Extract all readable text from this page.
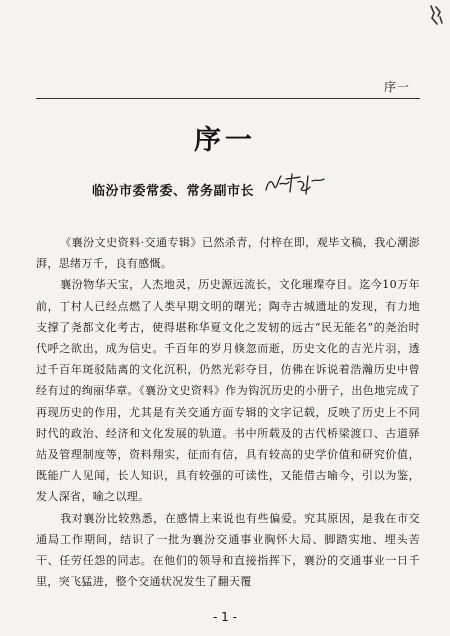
序一
序一
临汾市委常委、常务副市长

《襄汾文史资料·交通专辑》已然杀青，付梓在即，观毕文稿，我心潮澎湃，思绪万千，良有感慨。

襄汾物华天宝，人杰地灵，历史源远流长，文化璀璨夺目。迄今10万年前，丁村人已经点燃了人类早期文明的曙光；陶寺古城遗址的发现，有力地支撑了尧都文化考古，使得堪称华夏文化之发轫的远古“民无能名”的尧治时代呼之欲出，成为信史。千百年的岁月倏忽而逝，历史文化的吉光片羽，透过千百年斑驳陆离的文化沉积，仍然光彩夺目，仿佛在诉说着浩瀚历史中曾经有过的绚丽华章。《襄汾文史资料》作为钩沉历史的小册子，出色地完成了再现历史的作用，尤其是有关交通方面专辑的文字记载，反映了历史上不同时代的政治、经济和文化发展的轨道。书中所载及的古代桥梁渡口、古道驿站及管理制度等，资料翔实，征而有信，具有较高的史学价值和研究价值，既能广人见闻，长人知识，具有较强的可读性，又能借古喻今，引以为鉴，发人深省，喻之以理。

我对襄汾比较熟悉，在感情上来说也有些偏爱。究其原因，是我在市交通局工作期间，结识了一批为襄汾交通事业胸怀大局、脚踏实地、埋头苦干、任劳任怨的同志。在他们的领导和直接指挥下，襄汾的交通事业一日千里，突飞猛进，整个交通状况发生了翻天覆

- 1 -
